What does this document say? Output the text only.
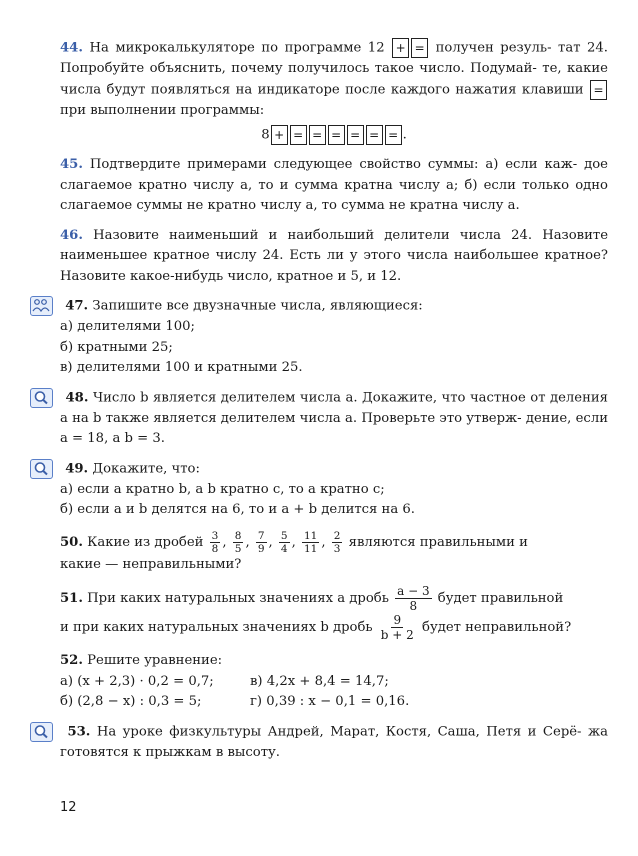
44. На микрокалькуляторе по программе 12 + = получен резуль- тат 24. Попробуйте объяснить, почему получилось такое число. Подумай- те, какие числа будут появляться на индикаторе после каждого нажатия клавиши = при выполнении программы:

8 + = = = = = = .

45. Подтвердите примерами следующее свойство суммы: а) если каж- дое слагаемое кратно числу a, то и сумма кратна числу a; б) если только одно слагаемое суммы не кратно числу a, то сумма не кратна числу a.

46. Назовите наименьший и наибольший делители числа 24. Назовите наименьшее кратное числу 24. Есть ли у этого числа наибольшее кратное? Назовите какое-нибудь число, кратное и 5, и 12.

47. Запишите все двузначные числа, являющиеся:

а) делителями 100;

б) кратными 25;

в) делителями 100 и кратными 25.

48. Число b является делителем числа a. Докажите, что частное от деления a на b также является делителем числа a. Проверьте это утверж- дение, если a = 18, а b = 3.

49. Докажите, что:

а) если a кратно b, а b кратно c, то a кратно c;

б) если a и b делятся на 6, то и a + b делится на 6.

50. Какие из дробей $\frac{3}{8}$ , $\frac{8}{5}$ , $\frac{7}{9}$ , $\frac{5}{4}$ , $\frac{11}{11}$ , $\frac{2}{3}$ являются правильными и

какие — неправильными?

51. При каких натуральных значениях a дробь $\frac{a - 3}{8}$ будет правильной

и при каких натуральных значениях b дробь $\frac{9}{b + 2}$ будет неправильной?

52. Решите уравнение:

а) (x + 2,3) · 0,2 = 0,7;

б) (2,8 − x) : 0,3 = 5;

в) 4,2x + 8,4 = 14,7;

г) 0,39 : x − 0,1 = 0,16.

53. На уроке физкультуры Андрей, Марат, Костя, Саша, Петя и Серё- жа готовятся к прыжкам в высоту.

12
